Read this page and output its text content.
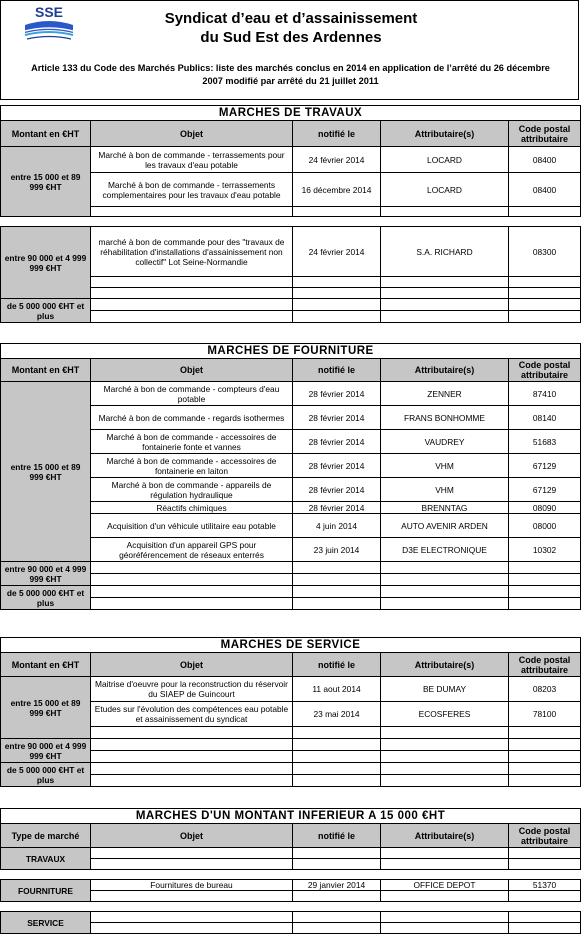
SSE	Syndicat d’eau et d’assainissement
du Sud Est des Ardennes
Article 133 du Code des Marchés Publics: liste des marchés conclus en 2014 en application de l’arrêté du 26 décembre
2007 modifié par arrêté du 21 juillet 2011
MARCHES DE TRAVAUX				
Montant en €HT	Objet	notifié le	Attributaire(s)	Code postal attributaire
entre 15 000 et 89 999 €HT	Marché à bon de commande - terrassements pour les travaux d'eau potable	24 février 2014	LOCARD	08400
	Marché à bon de commande - terrassements complementaires pour les travaux d'eau potable	16 décembre 2014	LOCARD	08400

entre 90 000 et 4 999 999 €HT	marché à bon de commande pour des "travaux de réhabilitation d'installations d'assainissement non collectif" Lot Seine-Normandie	24 février 2014	S.A. RICHARD	08300

de 5 000 000 €HT et plus				

MARCHES DE FOURNITURE				
Montant en €HT	Objet	notifié le	Attributaire(s)	Code postal attributaire
entre 15 000 et 89 999 €HT	Marché à bon de commande - compteurs d'eau potable	28 février 2014	ZENNER	87410
	Marché à bon de commande - regards isothermes	28 février 2014	FRANS BONHOMME	08140
	Marché à bon de commande - accessoires de fontainerie fonte et vannes	28 février 2014	VAUDREY	51683
	Marché à bon de commande - accessoires de fontainerie en laiton	28 février 2014	VHM	67129
	Marché à bon de commande - appareils de régulation hydraulique	28 février 2014	VHM	67129
	Réactifs chimiques	28 février 2014	BRENNTAG	08090
	Acquisition d'un véhicule utilitaire eau potable	4 juin 2014	AUTO AVENIR ARDEN	08000
	Acquisition d'un appareil GPS pour géoréférencement de réseaux enterrés	23 juin 2014	D3E ELECTRONIQUE	10302
entre 90 000 et 4 999 999 €HT				

de 5 000 000 €HT et plus				

MARCHES DE SERVICE				
Montant en €HT	Objet	notifié le	Attributaire(s)	Code postal attributaire
entre 15 000 et 89 999 €HT	Maitrise d'oeuvre pour la reconstruction du réservoir du SIAEP de Guincourt	11 aout 2014	BE DUMAY	08203
	Etudes sur l'évolution des compétences eau potable et assainissement du syndicat	23 mai 2014	ECOSFERES	78100

entre 90 000 et 4 999 999 €HT				

de 5 000 000 €HT et plus				

MARCHES D'UN MONTANT INFERIEUR A 15 000 €HT				
Type de marché	Objet	notifié le	Attributaire(s)	Code postal attributaire
TRAVAUX				

FOURNITURE	Fournitures de bureau	29 janvier 2014	OFFICE DEPOT	51370

SERVICE				
